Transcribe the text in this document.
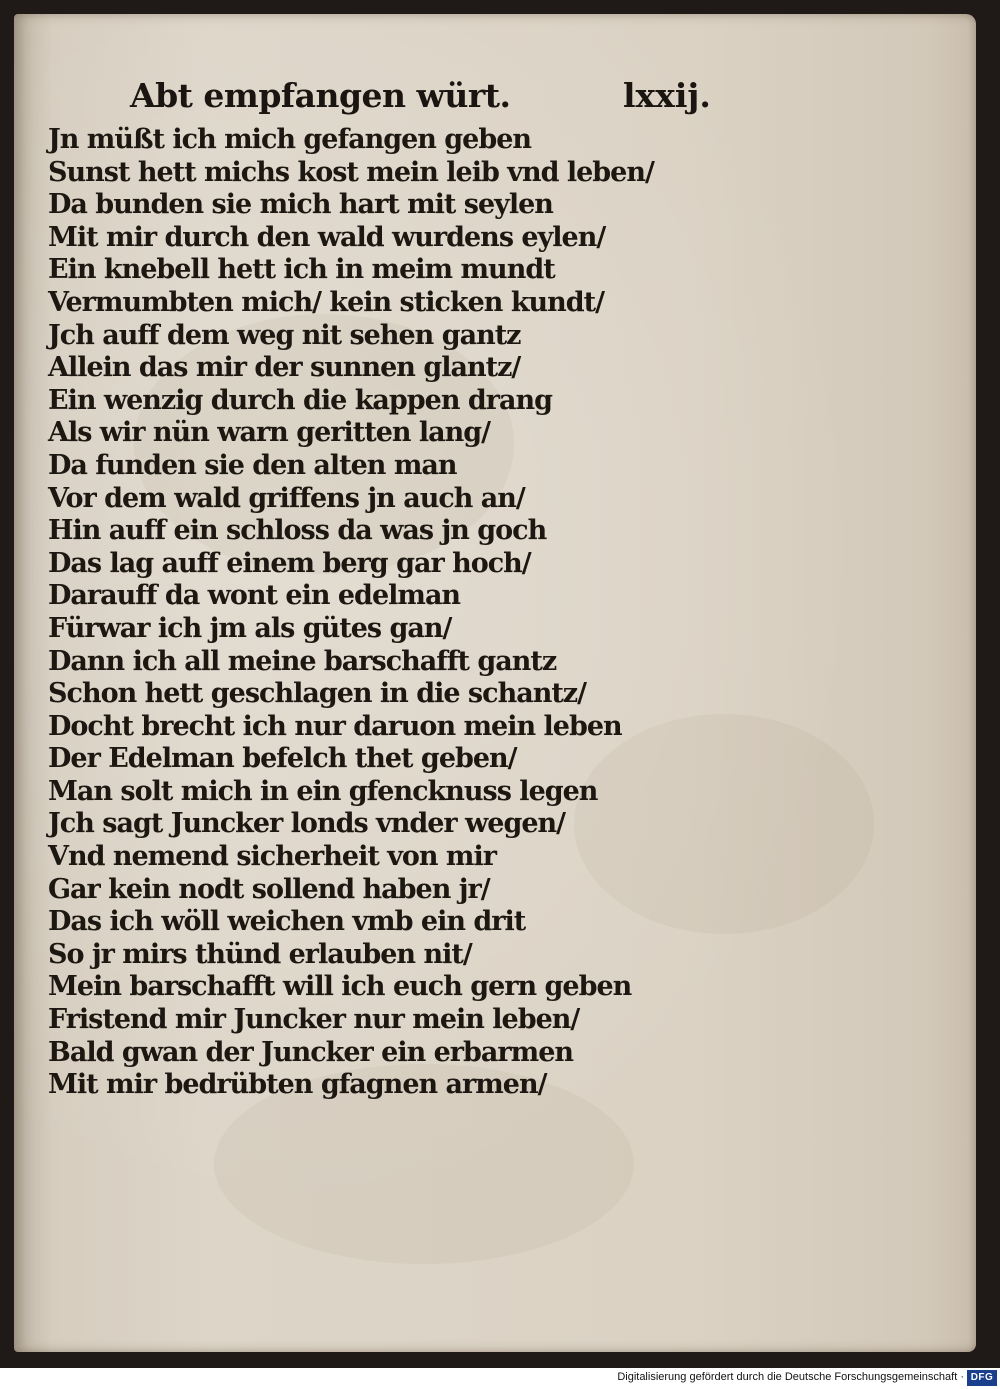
Abt empfangen würt.	lxxij.
Jn müßt ich mich gefangen geben
Sunst hett michs kost mein leib vnd leben/
Da bunden sie mich hart mit seylen
Mit mir durch den wald wurdens eylen/
Ein knebell hett ich in meim mundt
Vermumbten mich/ kein sticken kundt/
Jch auff dem weg nit sehen gantz
Allein das mir der sunnen glantz/
Ein wenzig durch die kappen drang
Als wir nün warn geritten lang/
Da funden sie den alten man
Vor dem wald griffens jn auch an/
Hin auff ein schloss da was jn goch
Das lag auff einem berg gar hoch/
Darauff da wont ein edelman
Fürwar ich jm als gütes gan/
Dann ich all meine barschafft gantz
Schon hett geschlagen in die schantz/
Docht brecht ich nur daruon mein leben
Der Edelman befelch thet geben/
Man solt mich in ein gfencknuss legen
Jch sagt Juncker londs vnder wegen/
Vnd nemend sicherheit von mir
Gar kein nodt sollend haben jr/
Das ich wöll weichen vmb ein drit
So jr mirs thünd erlauben nit/
Mein barschafft will ich euch gern geben
Fristend mir Juncker nur mein leben/
Bald gwan der Juncker ein erbarmen
Mit mir bedrübten gfagnen armen/
Digitalisierung gefördert durch die Deutsche Forschungsgemeinschaft · DFG
